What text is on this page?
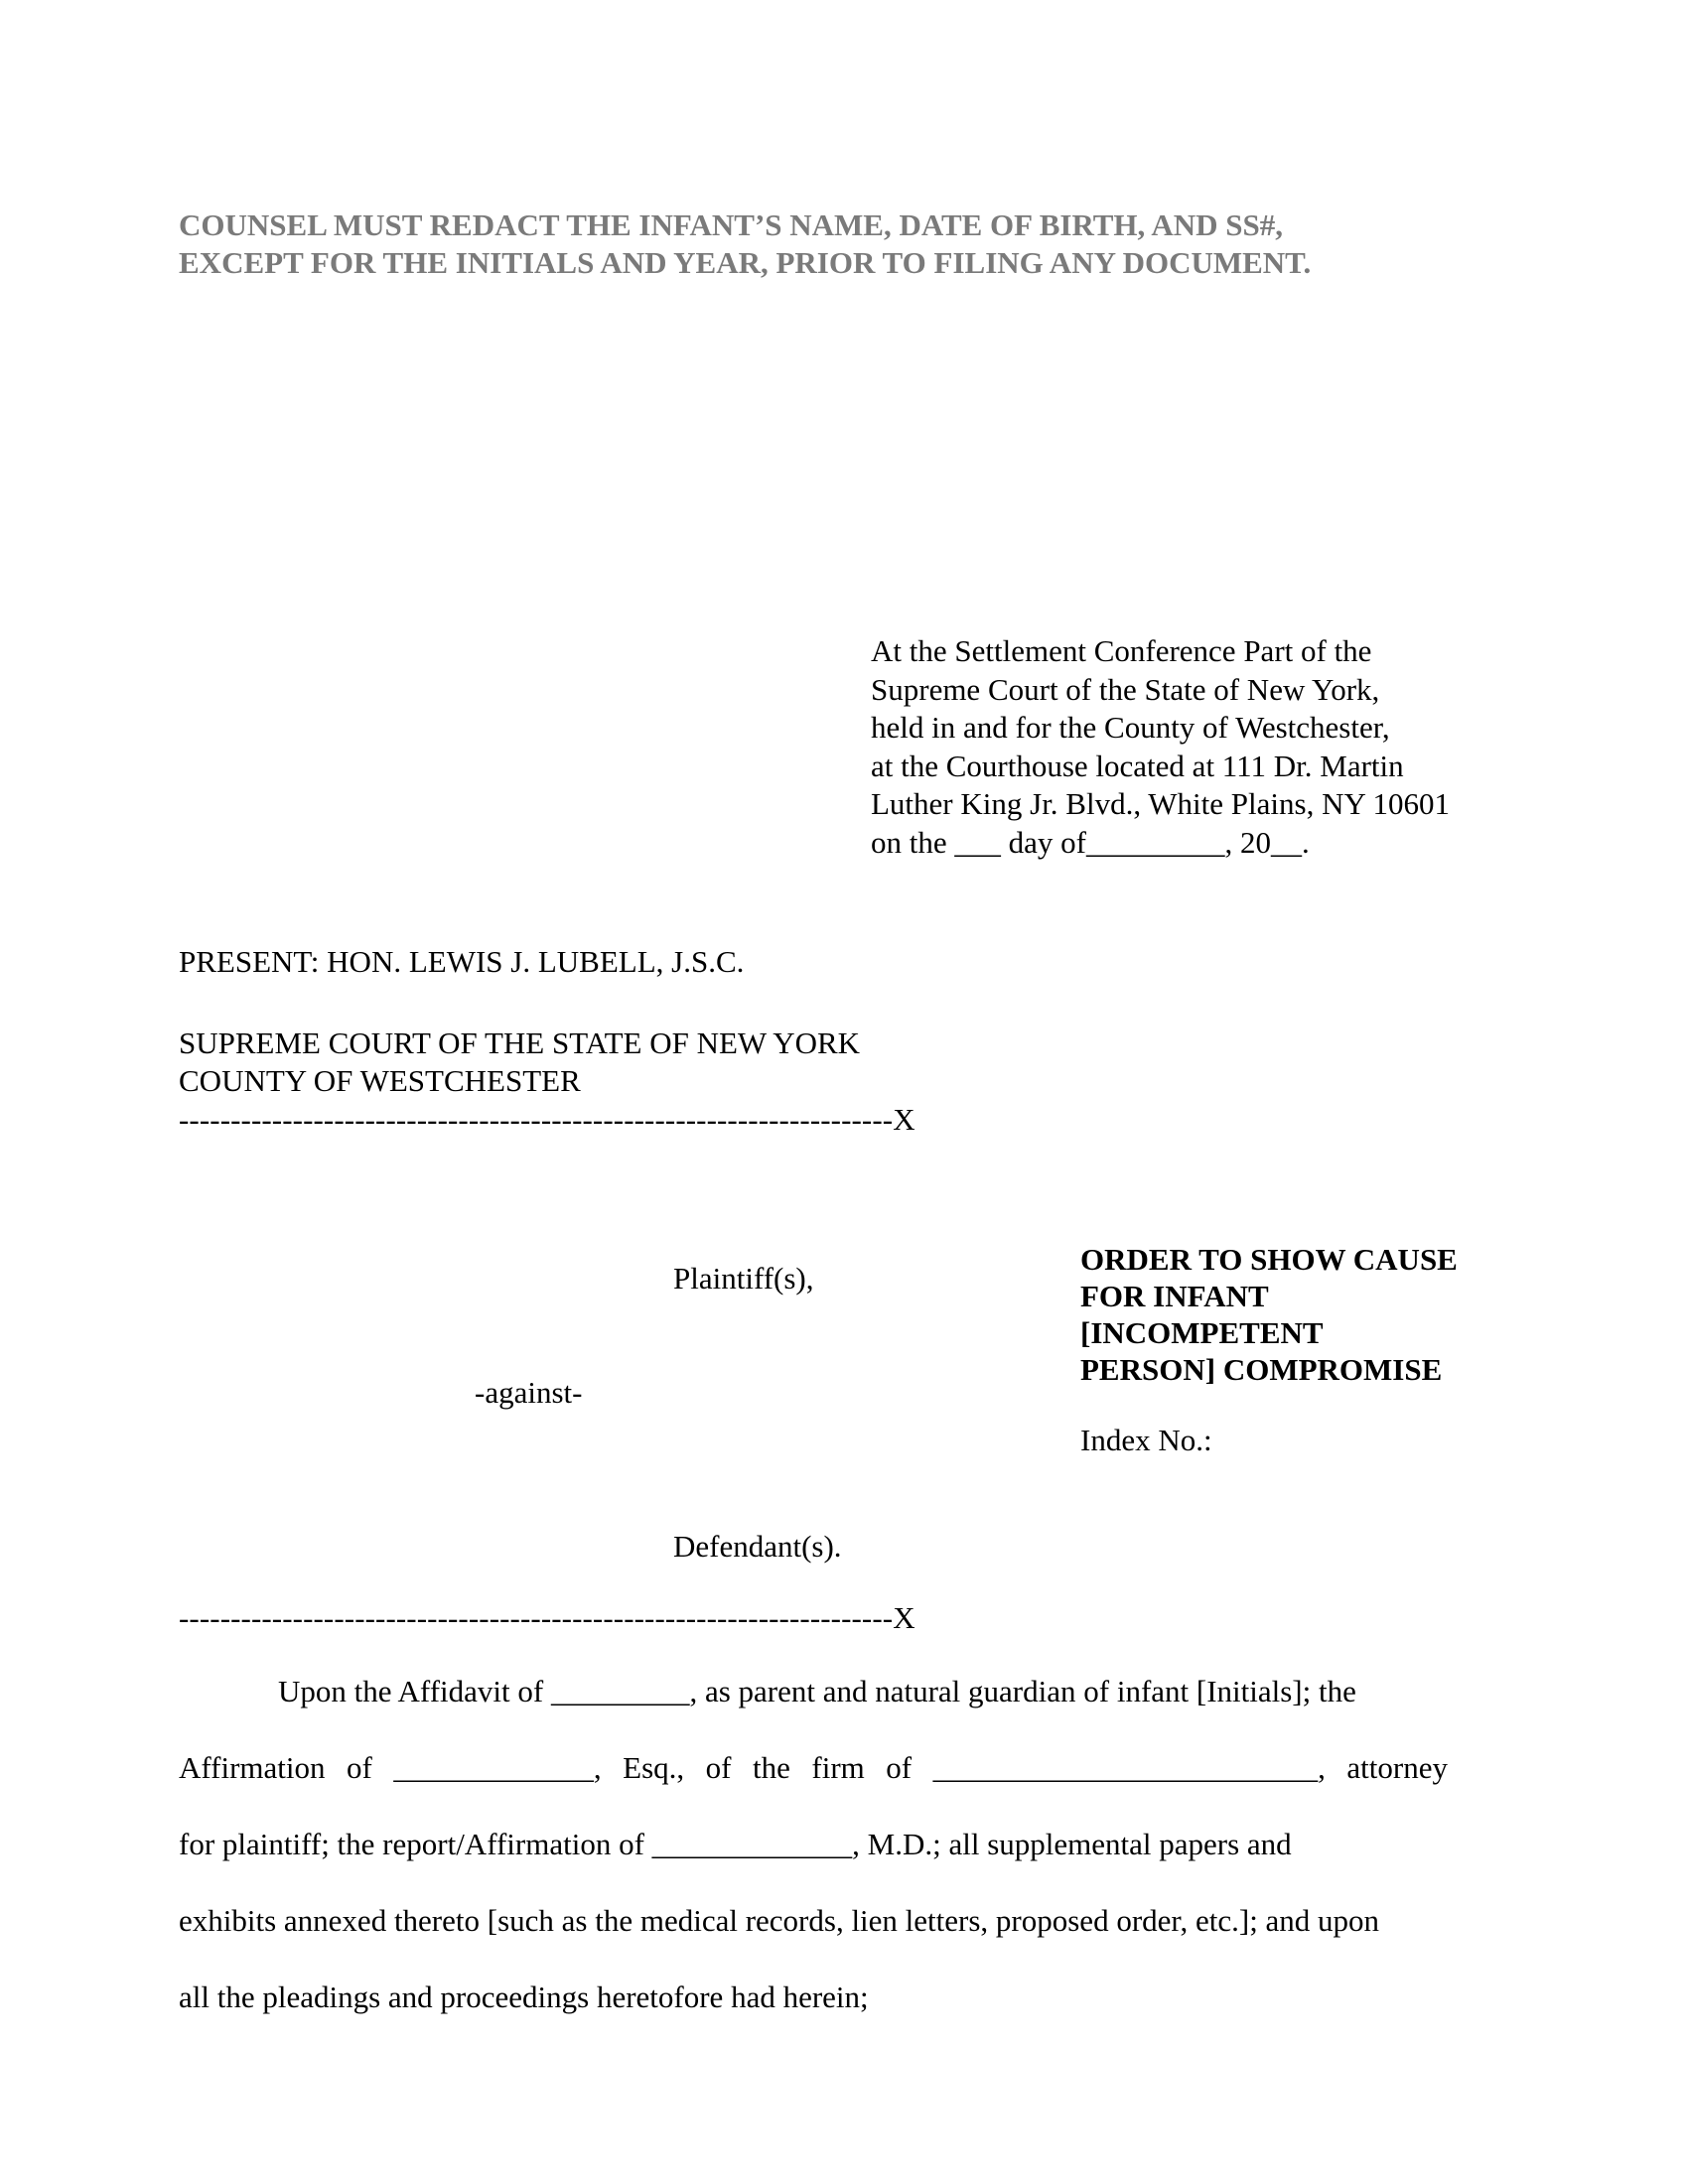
COUNSEL MUST REDACT THE INFANT’S NAME, DATE OF BIRTH, AND SS#,
EXCEPT FOR THE INITIALS AND YEAR, PRIOR TO FILING ANY DOCUMENT.
At the Settlement Conference Part of the
Supreme Court of the State of New York,
held in and for the County of Westchester,
at the Courthouse located at 111 Dr. Martin
Luther King Jr. Blvd., White Plains, NY 10601
on the ___ day of_________, 20__.
PRESENT: HON. LEWIS J. LUBELL, J.S.C.
SUPREME COURT OF THE STATE OF NEW YORK
COUNTY OF WESTCHESTER
---------------------------------------------------------------------X
Plaintiff(s),
-against-
Defendant(s).
ORDER TO SHOW CAUSE
FOR INFANT
[INCOMPETENT
PERSON] COMPROMISE
Index No.:
---------------------------------------------------------------------X
Upon the Affidavit of _________, as parent and natural guardian of infant [Initials]; the
Affirmation of _____________, Esq., of the firm of _________________________, attorney
for plaintiff; the report/Affirmation of _____________, M.D.; all supplemental papers and
exhibits annexed thereto [such as the medical records, lien letters, proposed order, etc.]; and upon
all the pleadings and proceedings heretofore had herein;
